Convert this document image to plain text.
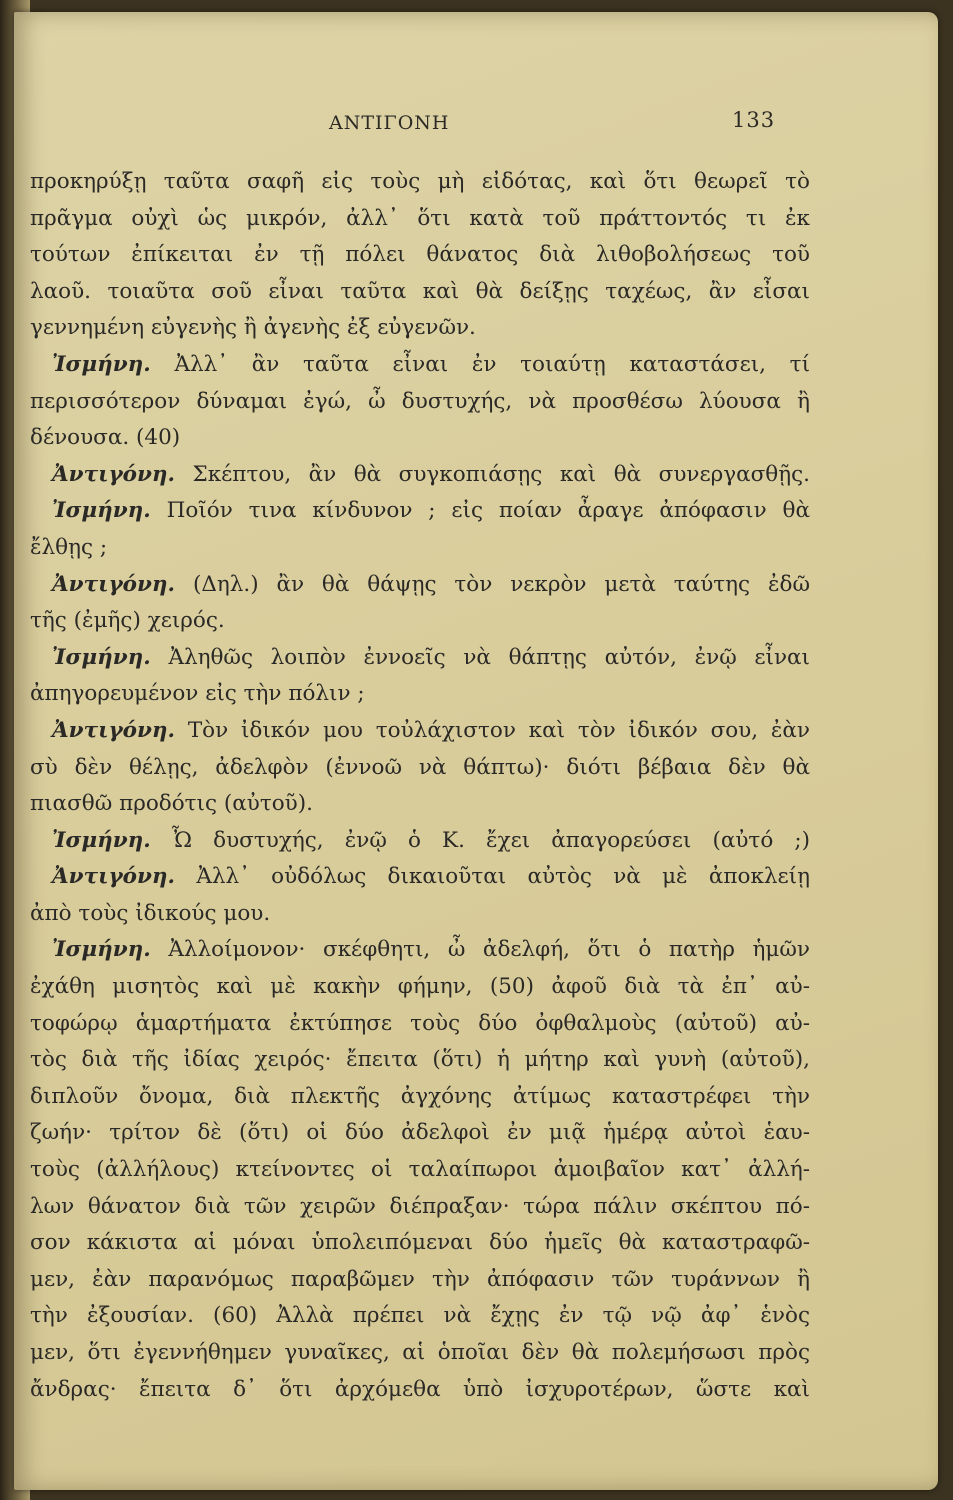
ΑΝΤΙΓΟΝΗ	133
προκηρύξῃ ταῦτα σαφῆ εἰς τοὺς μὴ εἰδότας, καὶ ὅτι θεωρεῖ τὸ
πρᾶγμα οὐχὶ ὡς μικρόν, ἀλλ᾽ ὅτι κατὰ τοῦ πράττοντός τι ἐκ
τούτων ἐπίκειται ἐν τῇ πόλει θάνατος διὰ λιθοβολήσεως τοῦ
λαοῦ. τοιαῦτα σοῦ εἶναι ταῦτα καὶ θὰ δείξῃς ταχέως, ἂν εἶσαι
γεννημένη εὐγενὴς ἢ ἀγενὴς ἐξ εὐγενῶν.
Ἰσμήνη. Ἀλλ᾽ ἂν ταῦτα εἶναι ἐν τοιαύτῃ καταστάσει, τί
περισσότερον δύναμαι ἐγώ, ὦ δυστυχής, νὰ προσθέσω λύουσα ἢ
δένουσα. (40)
Ἀντιγόνη. Σκέπτου, ἂν θὰ συγκοπιάσῃς καὶ θὰ συνεργασθῇς.
Ἰσμήνη. Ποῖόν τινα κίνδυνον ; εἰς ποίαν ἆραγε ἀπόφασιν θὰ
ἔλθῃς ;
Ἀντιγόνη. (Δηλ.) ἂν θὰ θάψῃς τὸν νεκρὸν μετὰ ταύτης ἐδῶ
τῆς (ἐμῆς) χειρός.
Ἰσμήνη. Ἀληθῶς λοιπὸν ἐννοεῖς νὰ θάπτῃς αὐτόν, ἐνῷ εἶναι
ἀπηγορευμένον εἰς τὴν πόλιν ;
Ἀντιγόνη. Τὸν ἰδικόν μου τοὐλάχιστον καὶ τὸν ἰδικόν σου, ἐὰν
σὺ δὲν θέλῃς, ἀδελφὸν (ἐννοῶ νὰ θάπτω)· διότι βέβαια δὲν θὰ
πιασθῶ προδότις (αὐτοῦ).
Ἰσμήνη. Ὦ δυστυχής, ἐνῷ ὁ Κ. ἔχει ἀπαγορεύσει (αὐτό ;)
Ἀντιγόνη. Ἀλλ᾽ οὐδόλως δικαιοῦται αὐτὸς νὰ μὲ ἀποκλείῃ
ἀπὸ τοὺς ἰδικούς μου.
Ἰσμήνη. Ἀλλοίμονον· σκέφθητι, ὦ ἀδελφή, ὅτι ὁ πατὴρ ἡμῶν
ἐχάθη μισητὸς καὶ μὲ κακὴν φήμην, (50) ἀφοῦ διὰ τὰ ἐπ᾽ αὐ-
τοφώρῳ ἁμαρτήματα ἐκτύπησε τοὺς δύο ὀφθαλμοὺς (αὐτοῦ) αὐ-
τὸς διὰ τῆς ἰδίας χειρός· ἔπειτα (ὅτι) ἡ μήτηρ καὶ γυνὴ (αὐτοῦ),
διπλοῦν ὄνομα, διὰ πλεκτῆς ἀγχόνης ἀτίμως καταστρέφει τὴν
ζωήν· τρίτον δὲ (ὅτι) οἱ δύο ἀδελφοὶ ἐν μιᾷ ἡμέρᾳ αὐτοὶ ἑαυ-
τοὺς (ἀλλήλους) κτείνοντες οἱ ταλαίπωροι ἀμοιβαῖον κατ᾽ ἀλλή-
λων θάνατον διὰ τῶν χειρῶν διέπραξαν· τώρα πάλιν σκέπτου πό-
σον κάκιστα αἱ μόναι ὑπολειπόμεναι δύο ἡμεῖς θὰ καταστραφῶ-
μεν, ἐὰν παρανόμως παραβῶμεν τὴν ἀπόφασιν τῶν τυράννων ἢ
τὴν ἐξουσίαν. (60) Ἀλλὰ πρέπει νὰ ἔχῃς ἐν τῷ νῷ ἀφ᾽ ἑνὸς
μεν, ὅτι ἐγεννήθημεν γυναῖκες, αἱ ὁποῖαι δὲν θὰ πολεμήσωσι πρὸς
ἄνδρας· ἔπειτα δ᾽ ὅτι ἀρχόμεθα ὑπὸ ἰσχυροτέρων, ὥστε καὶ
